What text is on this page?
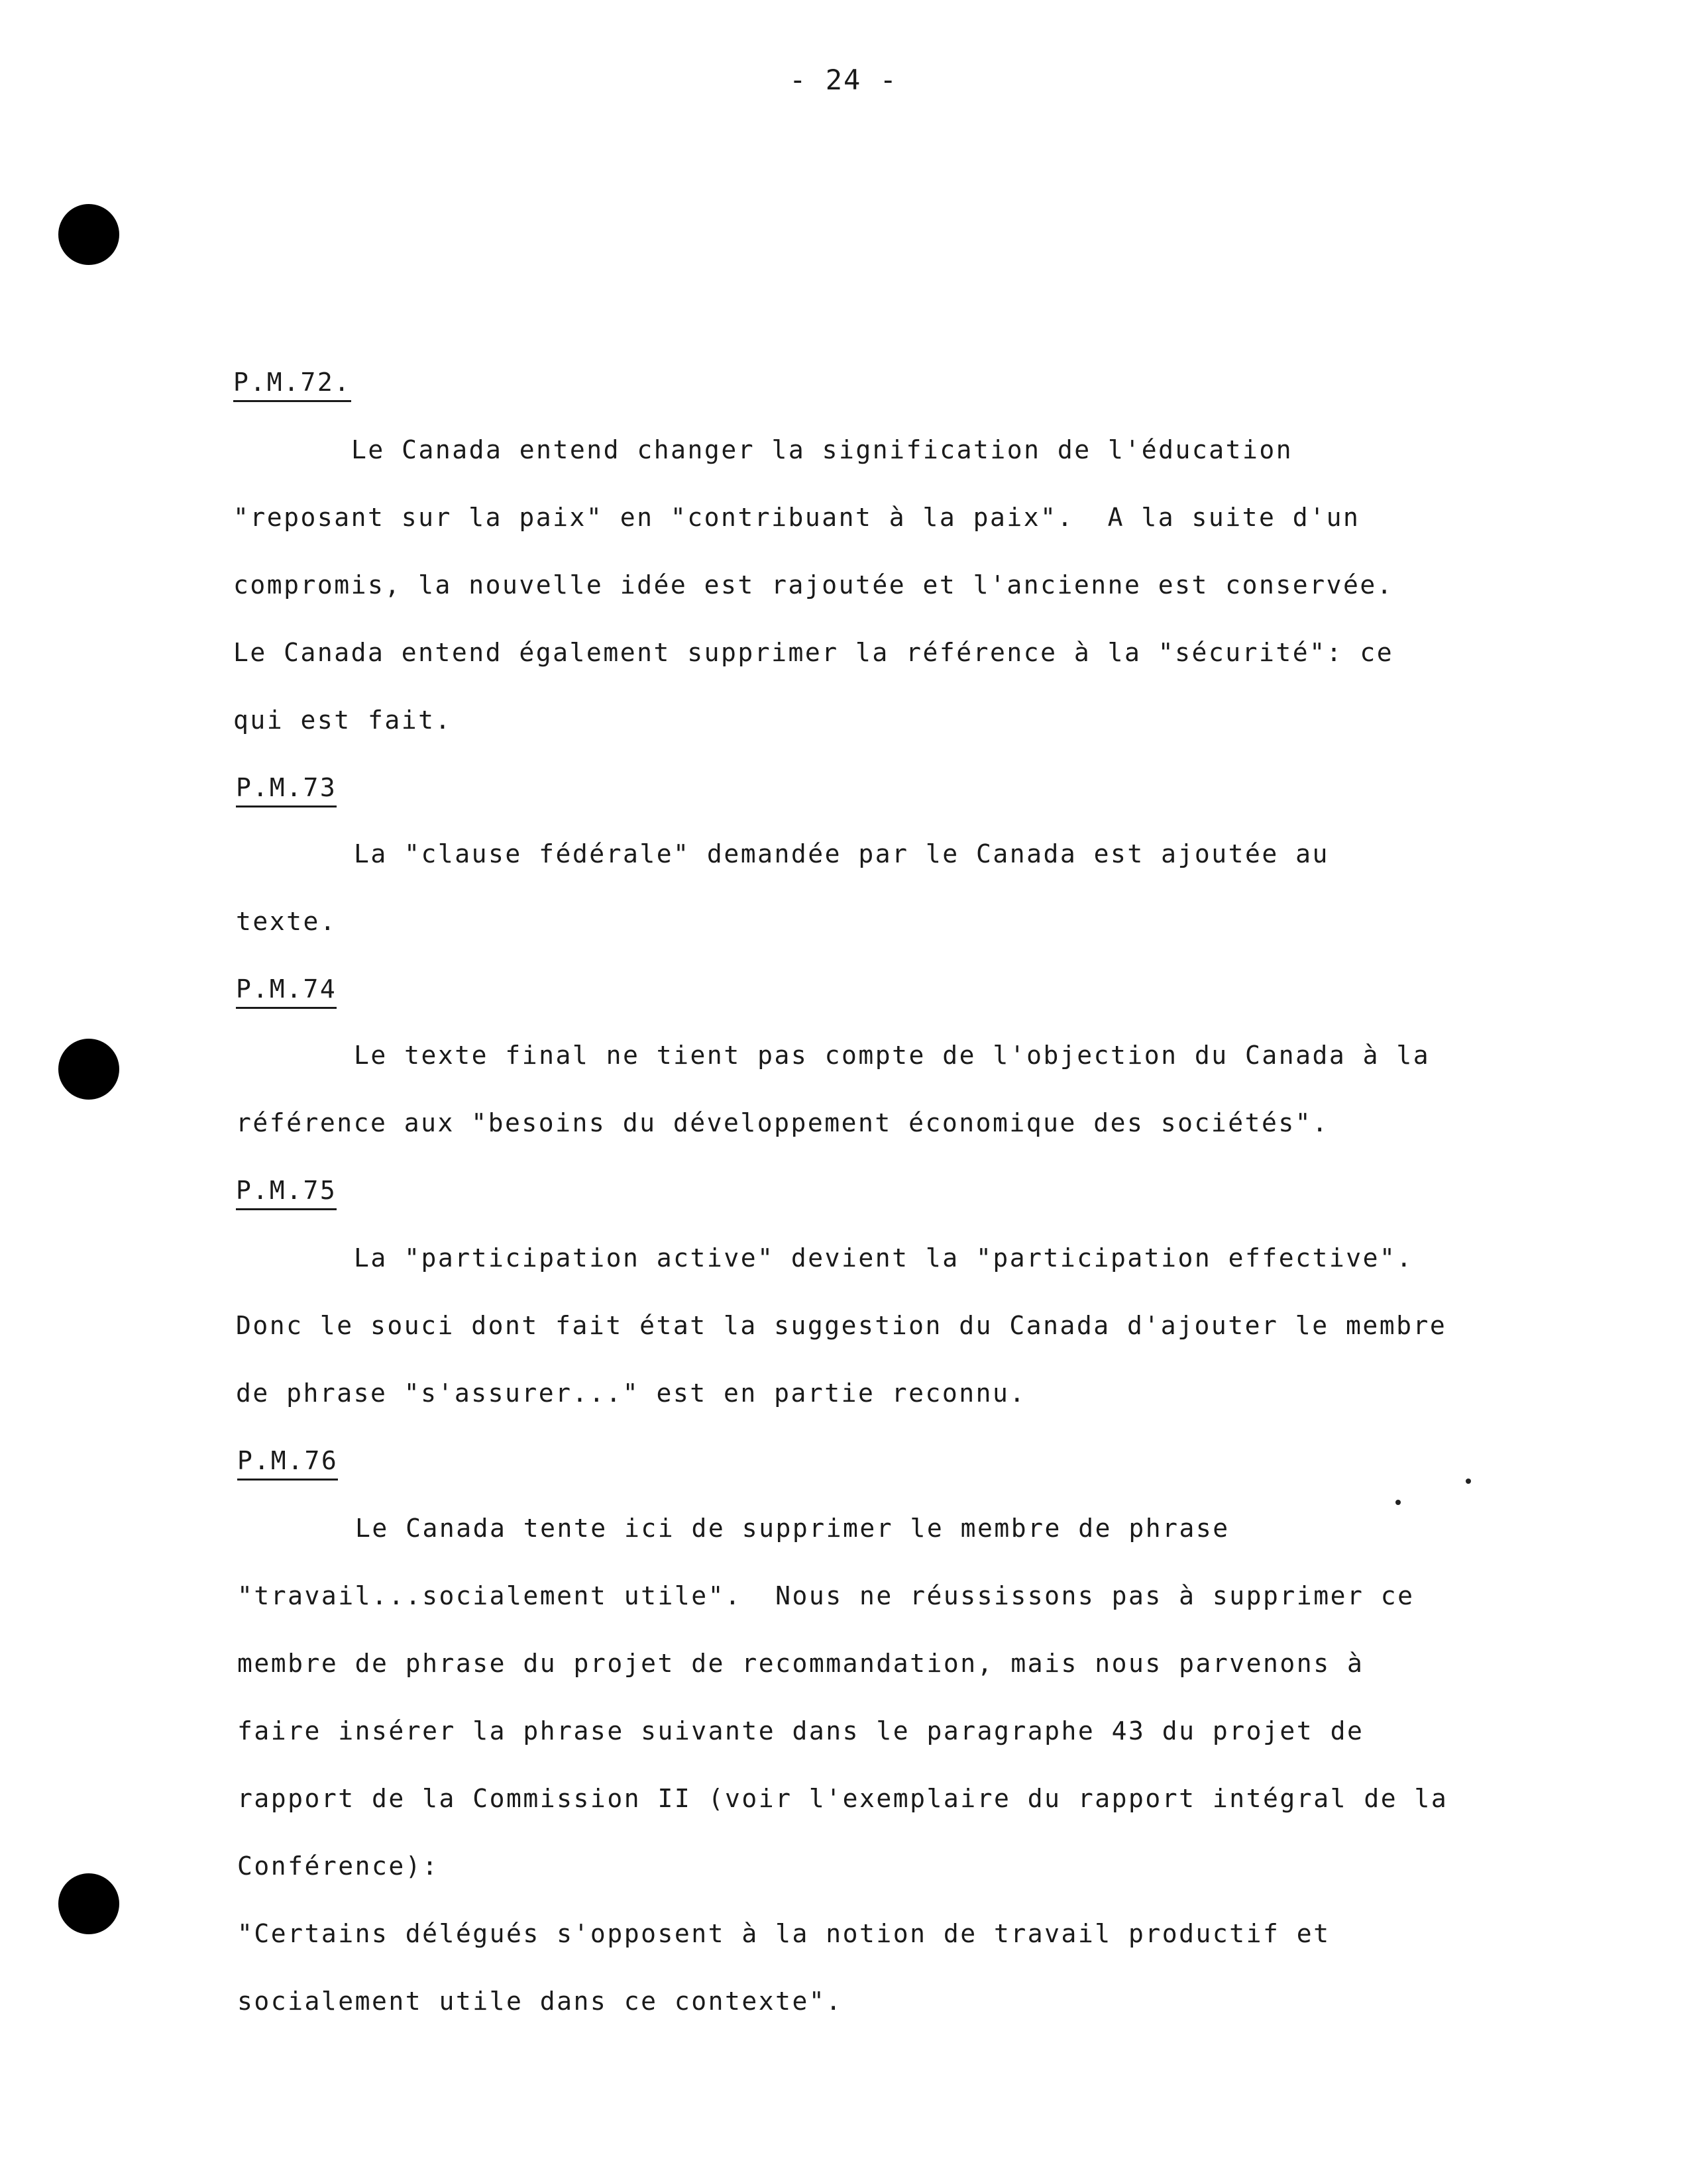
- 24 -
P.M.72.
Le Canada entend changer la signification de l'éducation
"reposant sur la paix" en "contribuant à la paix".  A la suite d'un
compromis, la nouvelle idée est rajoutée et l'ancienne est conservée.
Le Canada entend également supprimer la référence à la "sécurité": ce
qui est fait.
P.M.73
La "clause fédérale" demandée par le Canada est ajoutée au
texte.
P.M.74
Le texte final ne tient pas compte de l'objection du Canada à la
référence aux "besoins du développement économique des sociétés".
P.M.75
La "participation active" devient la "participation effective".
Donc le souci dont fait état la suggestion du Canada d'ajouter le membre
de phrase "s'assurer..." est en partie reconnu.
P.M.76
Le Canada tente ici de supprimer le membre de phrase
"travail...socialement utile".  Nous ne réussissons pas à supprimer ce
membre de phrase du projet de recommandation, mais nous parvenons à
faire insérer la phrase suivante dans le paragraphe 43 du projet de
rapport de la Commission II (voir l'exemplaire du rapport intégral de la
Conférence):
"Certains délégués s'opposent à la notion de travail productif et
socialement utile dans ce contexte".
